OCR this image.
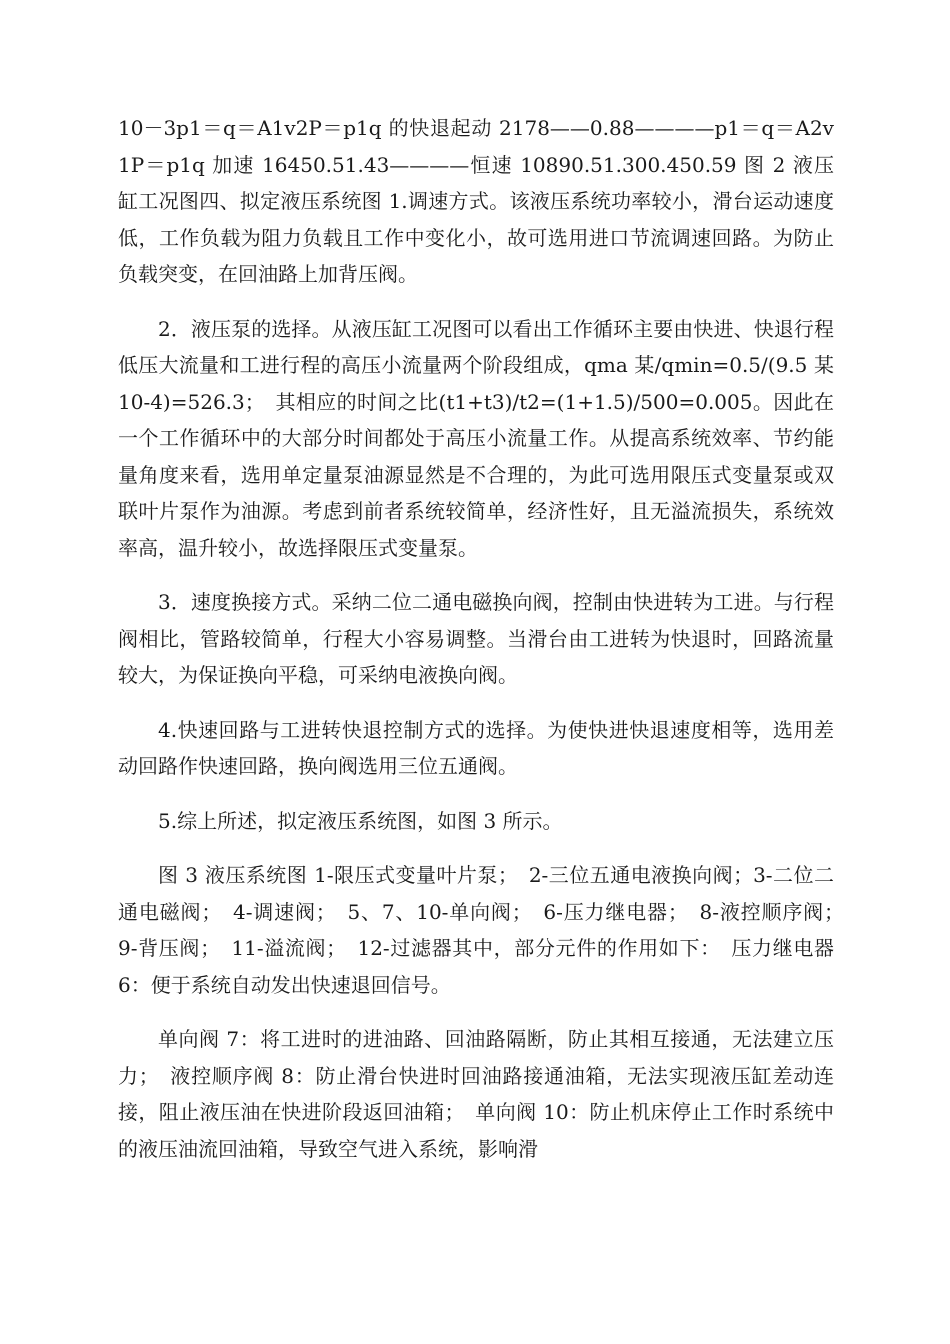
10－3p1＝q＝A1v2P＝p1q 的快退起动 2178——0.88————p1＝q＝A2v1P＝p1q 加速 16450.51.43————恒速 10890.51.300.450.59 图 2 液压缸工况图四、拟定液压系统图 1.调速方式。该液压系统功率较小，滑台运动速度低，工作负载为阻力负载且工作中变化小，故可选用进口节流调速回路。为防止负载突变，在回油路上加背压阀。

2．液压泵的选择。从液压缸工况图可以看出工作循环主要由快进、快退行程低压大流量和工进行程的高压小流量两个阶段组成，qma 某/qmin=0.5/(9.5 某 10-4)=526.3；　其相应的时间之比(t1+t3)/t2=(1+1.5)/500=0.005。因此在一个工作循环中的大部分时间都处于高压小流量工作。从提高系统效率、节约能量角度来看，选用单定量泵油源显然是不合理的，为此可选用限压式变量泵或双联叶片泵作为油源。考虑到前者系统较简单，经济性好，且无溢流损失，系统效率高，温升较小，故选择限压式变量泵。

3．速度换接方式。采纳二位二通电磁换向阀，控制由快进转为工进。与行程阀相比，管路较简单，行程大小容易调整。当滑台由工进转为快退时，回路流量较大，为保证换向平稳，可采纳电液换向阀。

4.快速回路与工进转快退控制方式的选择。为使快进快退速度相等，选用差动回路作快速回路，换向阀选用三位五通阀。

5.综上所述，拟定液压系统图，如图 3 所示。

图 3 液压系统图 1-限压式变量叶片泵；　2-三位五通电液换向阀；3-二位二通电磁阀；　4-调速阀；　5、7、10-单向阀；　6-压力继电器；　8-液控顺序阀；　9-背压阀；　11-溢流阀；　12-过滤器其中，部分元件的作用如下：　压力继电器 6：便于系统自动发出快速退回信号。

单向阀 7：将工进时的进油路、回油路隔断，防止其相互接通，无法建立压力；　液控顺序阀 8：防止滑台快进时回油路接通油箱，无法实现液压缸差动连接，阻止液压油在快进阶段返回油箱；　单向阀 10：防止机床停止工作时系统中的液压油流回油箱，导致空气进入系统，影响滑
